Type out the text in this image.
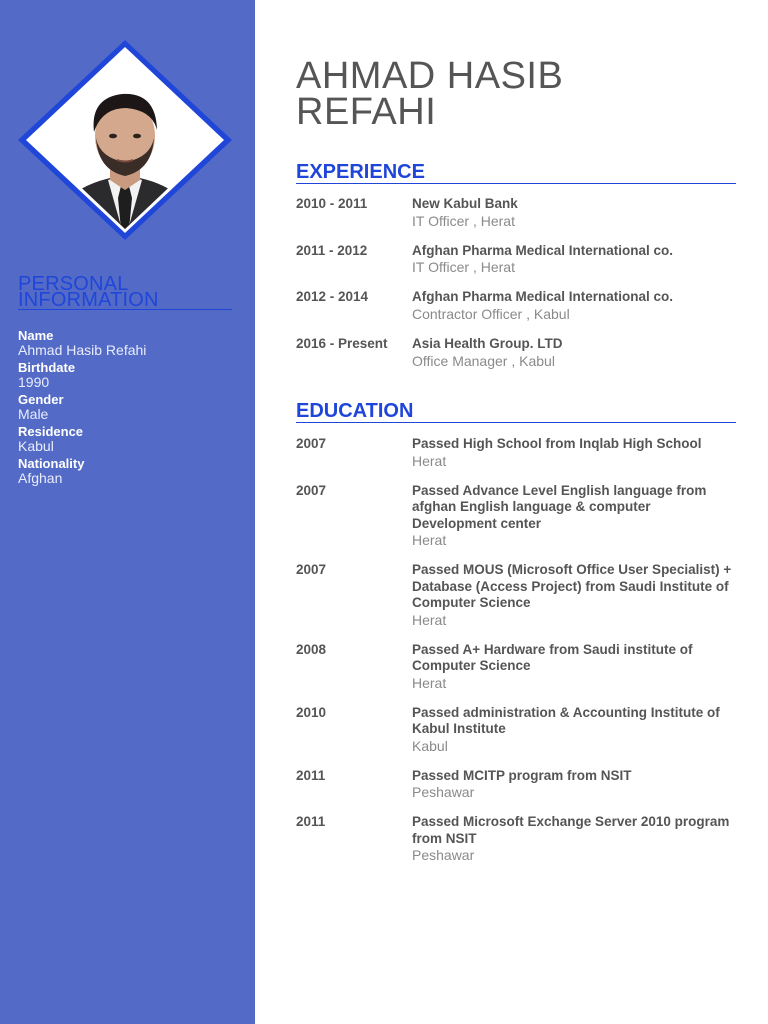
PERSONAL
INFORMATION
Name
Ahmad Hasib Refahi
Birthdate
1990
Gender
Male
Residence
Kabul
Nationality
Afghan
AHMAD HASIB
REFAHI
EXPERIENCE
2010 - 2011	New Kabul Bank
IT Officer , Herat
2011 - 2012	Afghan Pharma Medical International co.
IT Officer , Herat
2012 - 2014	Afghan Pharma Medical International co.
Contractor Officer , Kabul
2016 - Present	Asia Health Group. LTD
Office Manager , Kabul
EDUCATION
2007	Passed High School from Inqlab High School
Herat
2007	Passed Advance Level English language from afghan English language & computer Development center
Herat
2007	Passed MOUS (Microsoft Office User Specialist) + Database (Access Project) from Saudi Institute of Computer Science
Herat
2008	Passed A+ Hardware from Saudi institute of Computer Science
Herat
2010	Passed administration & Accounting Institute of Kabul Institute
Kabul
2011	Passed MCITP program from NSIT
Peshawar
2011	Passed Microsoft Exchange Server 2010 program from NSIT
Peshawar
